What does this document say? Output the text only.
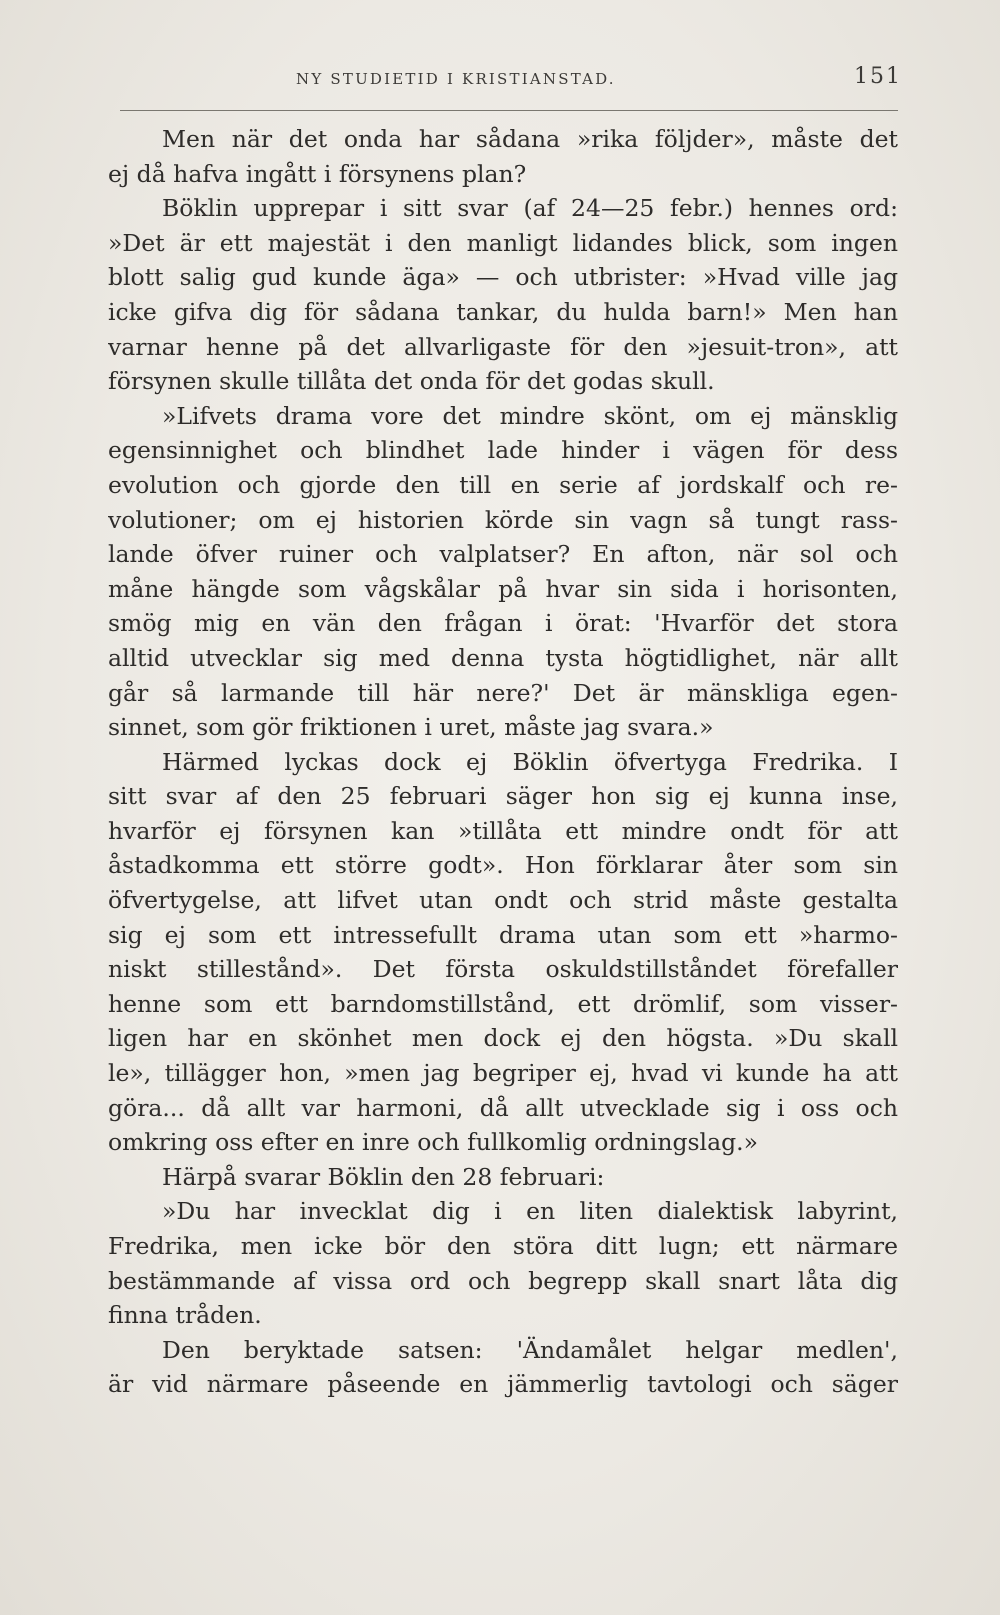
NY STUDIETID I KRISTIANSTAD.	151
Men när det onda har sådana »rika följder», måste det
ej då hafva ingått i försynens plan?
Böklin upprepar i sitt svar (af 24—25 febr.) hennes ord:
»Det är ett majestät i den manligt lidandes blick, som ingen
blott salig gud kunde äga» — och utbrister: »Hvad ville jag
icke gifva dig för sådana tankar, du hulda barn!» Men han
varnar henne på det allvarligaste för den »jesuit-tron», att
försynen skulle tillåta det onda för det godas skull.
»Lifvets drama vore det mindre skönt, om ej mänsklig
egensinnighet och blindhet lade hinder i vägen för dess
evolution och gjorde den till en serie af jordskalf och re-
volutioner; om ej historien körde sin vagn så tungt rass-
lande öfver ruiner och valplatser? En afton, när sol och
måne hängde som vågskålar på hvar sin sida i horisonten,
smög mig en vän den frågan i örat: 'Hvarför det stora
alltid utvecklar sig med denna tysta högtidlighet, när allt
går så larmande till här nere?' Det är mänskliga egen-
sinnet, som gör friktionen i uret, måste jag svara.»
Härmed lyckas dock ej Böklin öfvertyga Fredrika. I
sitt svar af den 25 februari säger hon sig ej kunna inse,
hvarför ej försynen kan »tillåta ett mindre ondt för att
åstadkomma ett större godt». Hon förklarar åter som sin
öfvertygelse, att lifvet utan ondt och strid måste gestalta
sig ej som ett intressefullt drama utan som ett »harmo-
niskt stillestånd». Det första oskuldstillståndet förefaller
henne som ett barndomstillstånd, ett drömlif, som visser-
ligen har en skönhet men dock ej den högsta. »Du skall
le», tillägger hon, »men jag begriper ej, hvad vi kunde ha att
göra... då allt var harmoni, då allt utvecklade sig i oss och
omkring oss efter en inre och fullkomlig ordningslag.»
Härpå svarar Böklin den 28 februari:
»Du har invecklat dig i en liten dialektisk labyrint,
Fredrika, men icke bör den störa ditt lugn; ett närmare
bestämmande af vissa ord och begrepp skall snart låta dig
finna tråden.
Den beryktade satsen: 'Ändamålet helgar medlen',
är vid närmare påseende en jämmerlig tavtologi och säger
